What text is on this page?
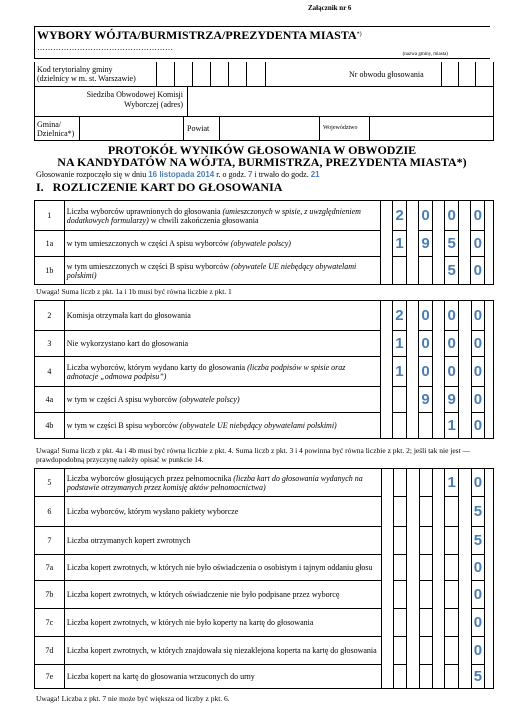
Załącznik nr 6
WYBORY WÓJTA/BURMISTRZA/PREZYDENTA MIASTA*) ……………………………………………
(nazwa gminy, miasta)
Kod terytorialny gminy
(dzielnicy w m. st. Warszawie)	Nr obwodu głosowania
Siedziba Obwodowej Komisji
Wyborczej (adres)
Gmina/
Dzielnica*)
Powiat	Województwo
PROTOKÓŁ WYNIKÓW GŁOSOWANIA W OBWODZIE
NA KANDYDATÓW NA WÓJTA, BURMISTRZA, PREZYDENTA MIASTA*)
Głosowanie rozpoczęło się w dniu 16 listopada 2014 r. o godz. 7 i trwało do godz. 21
I. ROZLICZENIE KART DO GŁOSOWANIA
1	Liczba wyborców uprawnionych do głosowania (umieszczonych w spisie, z uwzględnieniem dodatkowych formularzy) w chwili zakończenia głosowania		2		0		0		0	
1a	w tym umieszczonych w części A spisu wyborców (obywatele polscy)		1		9		5		0	
1b	w tym umieszczonych w części B spisu wyborców (obywatele UE niebędący obywatelami polskimi)						5		0	
Uwaga! Suma liczb z pkt. 1a i 1b musi być równa liczbie z pkt. 1
2	Komisja otrzymała kart do głosowania		2		0		0		0	
3	Nie wykorzystano kart do głosowania		1		0		0		0	
4	Liczba wyborców, którym wydano karty do głosowania (liczba podpisów w spisie oraz adnotacje „odmowa podpisu”)		1		0		0		0	
4a	w tym w części A spisu wyborców (obywatele polscy)				9		9		0	
4b	w tym w części B spisu wyborców (obywatele UE niebędący obywatelami polskimi)						1		0	
Uwaga! Suma liczb z pkt. 4a i 4b musi być równa liczbie z pkt. 4. Suma liczb z pkt. 3 i 4 powinna być równa liczbie z pkt. 2; jeśli tak nie jest — prawdopodobną przyczynę należy opisać w punkcie 14.
5	Liczba wyborców głosujących przez pełnomocnika (liczba kart do głosowania wydanych na podstawie otrzymanych przez komisję aktów pełnomocnictwa)						1		0	
6	Liczba wyborców, którym wysłano pakiety wyborcze								5	
7	Liczba otrzymanych kopert zwrotnych								5	
7a	Liczba kopert zwrotnych, w których nie było oświadczenia o osobistym i tajnym oddaniu głosu								0	
7b	Liczba kopert zwrotnych, w których oświadczenie nie było podpisane przez wyborcę								0	
7c	Liczba kopert zwrotnych, w których nie było koperty na kartę do głosowania								0	
7d	Liczba kopert zwrotnych, w których znajdowała się niezaklejona koperta na kartę do głosowania								0	
7e	Liczba kopert na kartę do głosowania wrzuconych do urny								5	
Uwaga! Liczba z pkt. 7 nie może być większa od liczby z pkt. 6.
